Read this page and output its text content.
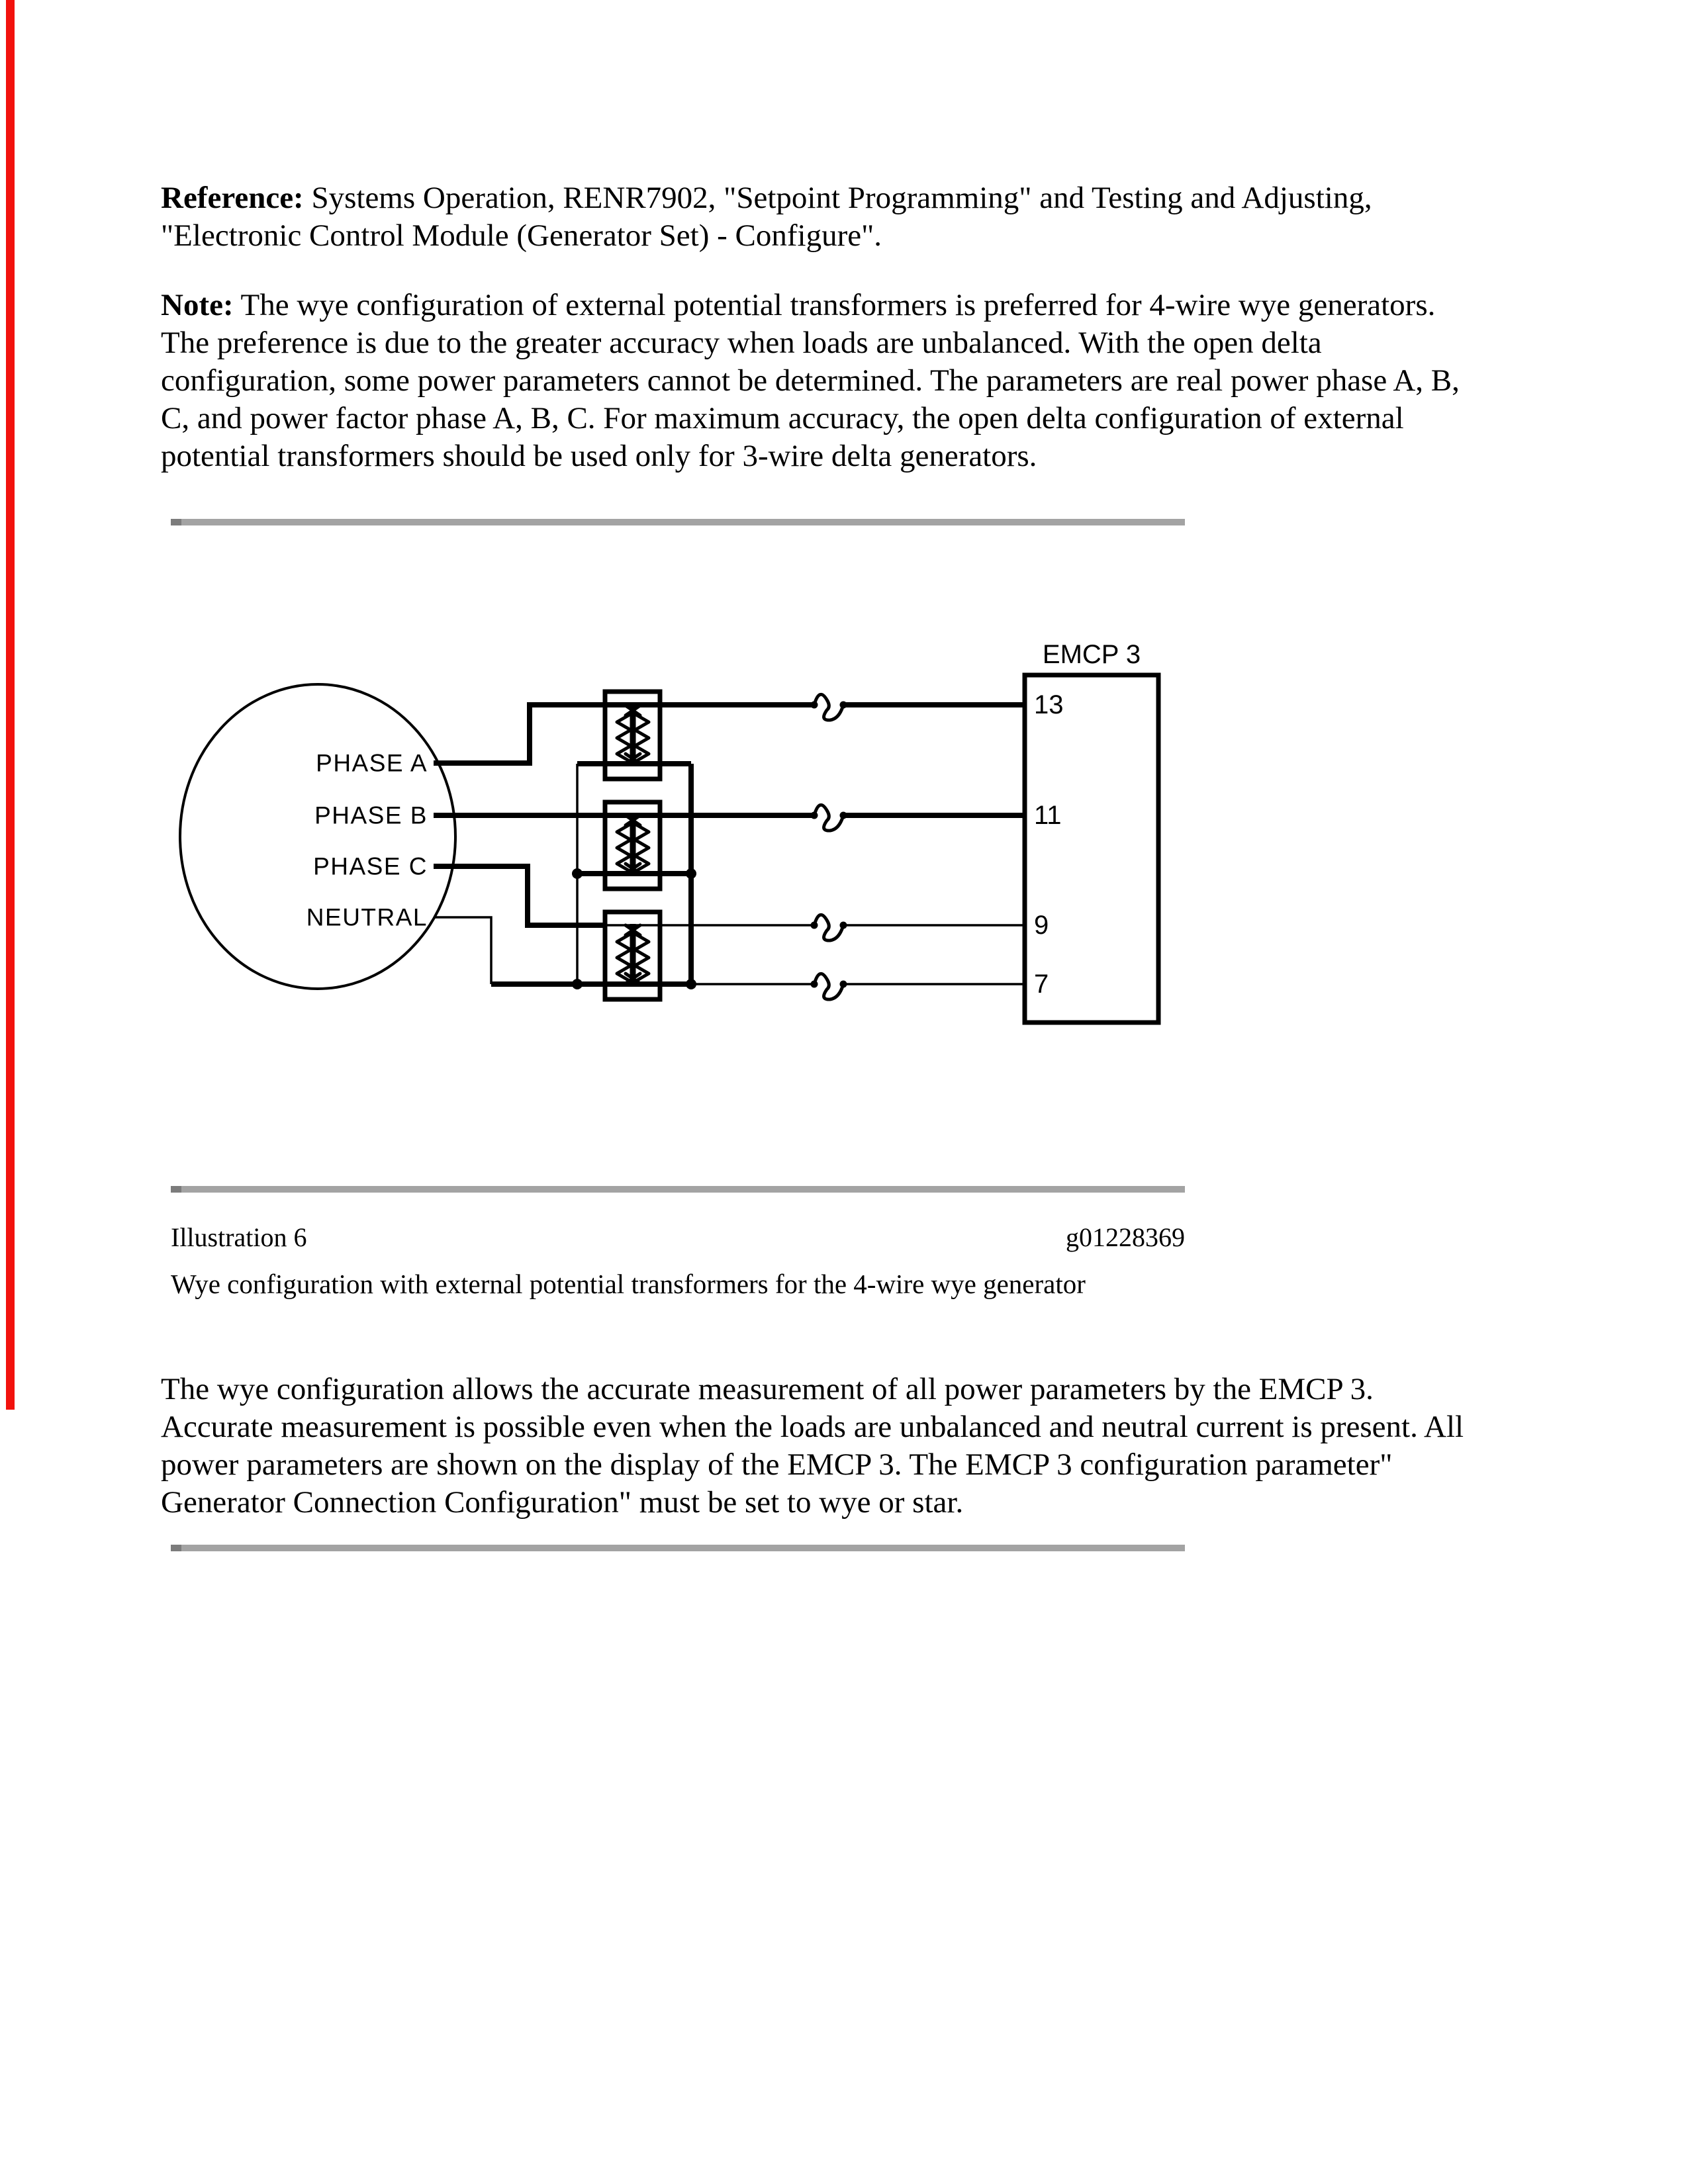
Reference: Systems Operation, RENR7902, "Setpoint Programming" and Testing and Adjusting, "Electronic Control Module (Generator Set) - Configure".

Note: The wye configuration of external potential transformers is preferred for 4-wire wye generators. The preference is due to the greater accuracy when loads are unbalanced. With the open delta configuration, some power parameters cannot be determined. The parameters are real power phase A, B, C, and power factor phase A, B, C. For maximum accuracy, the open delta configuration of external potential transformers should be used only for 3-wire delta generators.

PHASE A
PHASE B
PHASE C
NEUTRAL
EMCP 3
13
11
9
7
Illustration 6	g01228369
Wye configuration with external potential transformers for the 4-wire wye generator

The wye configuration allows the accurate measurement of all power parameters by the EMCP 3. Accurate measurement is possible even when the loads are unbalanced and neutral current is present. All power parameters are shown on the display of the EMCP 3. The EMCP 3 configuration parameter" Generator Connection Configuration" must be set to wye or star.
